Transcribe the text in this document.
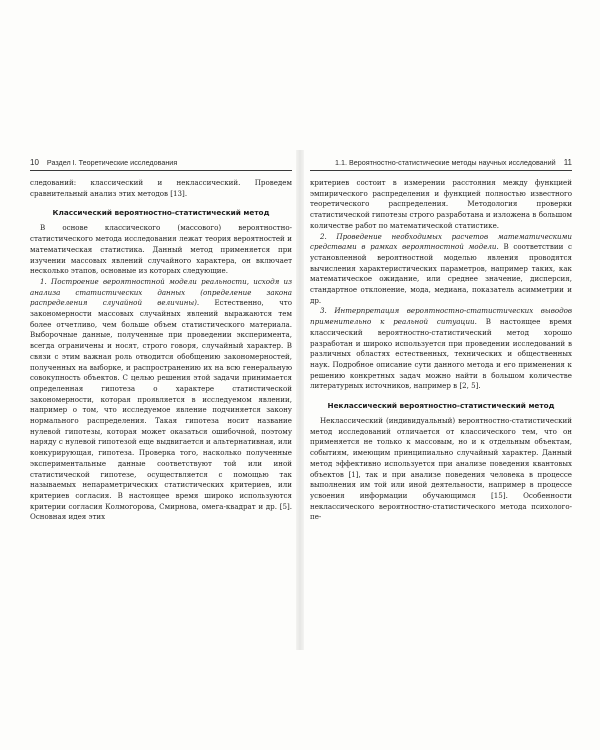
10 Раздел I. Теоретические исследования

следований: классический и неклассический. Проведем сравнительный анализ этих методов [13].

Классический вероятностно-статистический метод

В основе классического (массового) вероятностно-статистического метода исследования лежат теория вероятностей и математическая статистика. Данный метод применяется при изучении массовых явлений случайного характера, он включает несколько этапов, основные из которых следующие.

1. Построение вероятностной модели реальности, исходя из анализа статистических данных (определение закона распределения случайной величины). Естественно, что закономерности массовых случайных явлений выражаются тем более отчетливо, чем больше объем статистического материала. Выборочные данные, полученные при проведении эксперимента, всегда ограничены и носят, строго говоря, случайный характер. В связи с этим важная роль отводится обобщению закономерностей, полученных на выборке, и распространению их на всю генеральную совокупность объектов. С целью решения этой задачи принимается определенная гипотеза о характере статистической закономерности, которая проявляется в исследуемом явлении, например о том, что исследуемое явление подчиняется закону нормального распределения. Такая гипотеза носит название нулевой гипотезы, которая может оказаться ошибочной, поэтому наряду с нулевой гипотезой еще выдвигается и альтернативная, или конкурирующая, гипотеза. Проверка того, насколько полученные экспериментальные данные соответствуют той или иной статистической гипотезе, осуществляется с помощью так называемых непараметрических статистических критериев, или критериев согласия. В настоящее время широко используются критерии согласия Колмогорова, Смирнова, омега-квадрат и др. [5]. Основная идея этих

1.1. Вероятностно-статистические методы научных исследований 11

критериев состоит в измерении расстояния между функцией эмпирического распределения и функцией полностью известного теоретического распределения. Методология проверки статистической гипотезы строго разработана и изложена в большом количестве работ по математической статистике.

2. Проведение необходимых расчетов математическими средствами в рамках вероятностной модели. В соответствии с установленной вероятностной моделью явления проводятся вычисления характеристических параметров, например таких, как математическое ожидание, или среднее значение, дисперсия, стандартное отклонение, мода, медиана, показатель асимметрии и др.

3. Интерпретация вероятностно-статистических выводов применительно к реальной ситуации. В настоящее время классический вероятностно-статистический метод хорошо разработан и широко используется при проведении исследований в различных областях естественных, технических и общественных наук. Подробное описание сути данного метода и его применения к решению конкретных задач можно найти в большом количестве литературных источников, например в [2, 5].

Неклассический вероятностно-статистический метод

Неклассический (индивидуальный) вероятностно-статистический метод исследований отличается от классического тем, что он применяется не только к массовым, но и к отдельным объектам, событиям, имеющим принципиально случайный характер. Данный метод эффективно используется при анализе поведения квантовых объектов [1], так и при анализе поведения человека в процессе выполнения им той или иной деятельности, например в процессе усвоения информации обучающимся [15]. Особенности неклассического вероятностно-статистического метода психолого-пе-
